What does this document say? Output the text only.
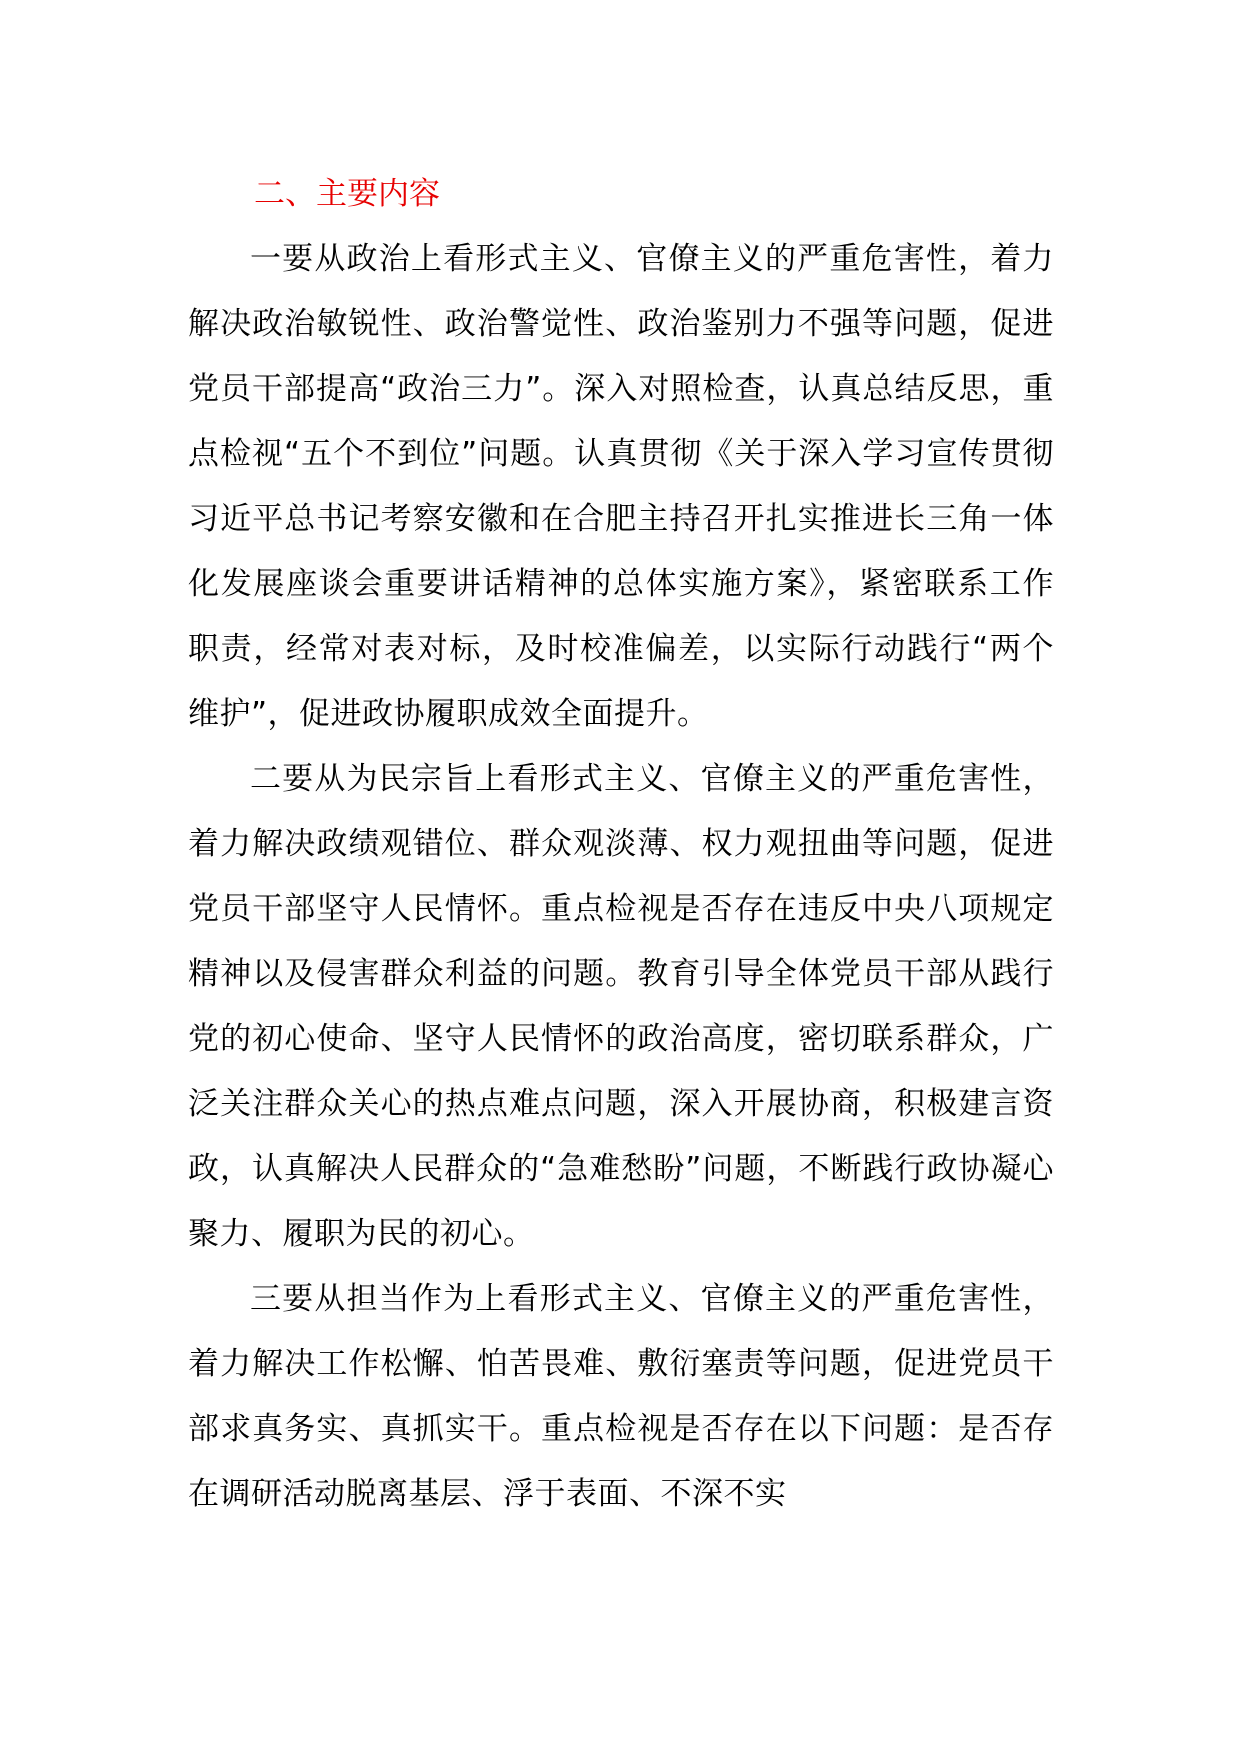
二、主要内容

一要从政治上看形式主义、官僚主义的严重危害性，着力解决政治敏锐性、政治警觉性、政治鉴别力不强等问题，促进党员干部提高“政治三力”。深入对照检查，认真总结反思，重点检视“五个不到位”问题。认真贯彻《关于深入学习宣传贯彻习近平总书记考察安徽和在合肥主持召开扎实推进长三角一体化发展座谈会重要讲话精神的总体实施方案》，紧密联系工作职责，经常对表对标，及时校准偏差，以实际行动践行“两个维护”，促进政协履职成效全面提升。

二要从为民宗旨上看形式主义、官僚主义的严重危害性，着力解决政绩观错位、群众观淡薄、权力观扭曲等问题，促进党员干部坚守人民情怀。重点检视是否存在违反中央八项规定精神以及侵害群众利益的问题。教育引导全体党员干部从践行党的初心使命、坚守人民情怀的政治高度，密切联系群众，广泛关注群众关心的热点难点问题，深入开展协商，积极建言资政，认真解决人民群众的“急难愁盼”问题，不断践行政协凝心聚力、履职为民的初心。

三要从担当作为上看形式主义、官僚主义的严重危害性，着力解决工作松懈、怕苦畏难、敷衍塞责等问题，促进党员干部求真务实、真抓实干。重点检视是否存在以下问题：是否存在调研活动脱离基层、浮于表面、不深不实
